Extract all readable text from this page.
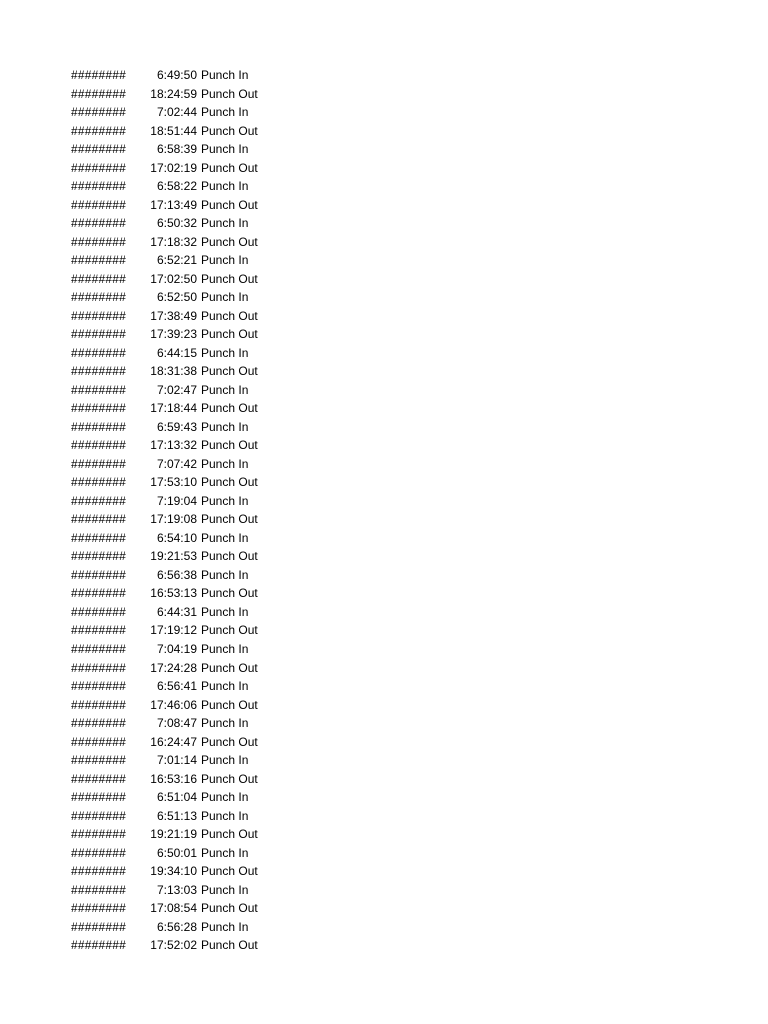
########	6:49:50 Punch In
########	18:24:59 Punch Out
########	7:02:44 Punch In
########	18:51:44 Punch Out
########	6:58:39 Punch In
########	17:02:19 Punch Out
########	6:58:22 Punch In
########	17:13:49 Punch Out
########	6:50:32 Punch In
########	17:18:32 Punch Out
########	6:52:21 Punch In
########	17:02:50 Punch Out
########	6:52:50 Punch In
########	17:38:49 Punch Out
########	17:39:23 Punch Out
########	6:44:15 Punch In
########	18:31:38 Punch Out
########	7:02:47 Punch In
########	17:18:44 Punch Out
########	6:59:43 Punch In
########	17:13:32 Punch Out
########	7:07:42 Punch In
########	17:53:10 Punch Out
########	7:19:04 Punch In
########	17:19:08 Punch Out
########	6:54:10 Punch In
########	19:21:53 Punch Out
########	6:56:38 Punch In
########	16:53:13 Punch Out
########	6:44:31 Punch In
########	17:19:12 Punch Out
########	7:04:19 Punch In
########	17:24:28 Punch Out
########	6:56:41 Punch In
########	17:46:06 Punch Out
########	7:08:47 Punch In
########	16:24:47 Punch Out
########	7:01:14 Punch In
########	16:53:16 Punch Out
########	6:51:04 Punch In
########	6:51:13 Punch In
########	19:21:19 Punch Out
########	6:50:01 Punch In
########	19:34:10 Punch Out
########	7:13:03 Punch In
########	17:08:54 Punch Out
########	6:56:28 Punch In
########	17:52:02 Punch Out
